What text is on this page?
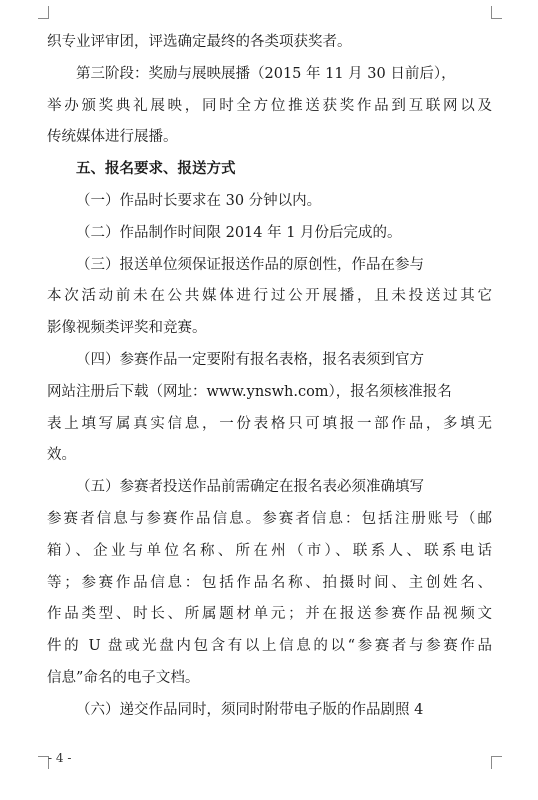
织专业评审团，评选确定最终的各类项获奖者。
第三阶段：奖励与展映展播（2015 年 11 月 30 日前后），
举办颁奖典礼展映，同时全方位推送获奖作品到互联网以及
传统媒体进行展播。
五、报名要求、报送方式
（一）作品时长要求在 30 分钟以内。
（二）作品制作时间限 2014 年 1 月份后完成的。
（三）报送单位须保证报送作品的原创性，作品在参与
本次活动前未在公共媒体进行过公开展播，且未投送过其它
影像视频类评奖和竞赛。
（四）参赛作品一定要附有报名表格，报名表须到官方
网站注册后下载（网址：www.ynswh.com），报名须核准报名
表上填写属真实信息，一份表格只可填报一部作品，多填无
效。
（五）参赛者投送作品前需确定在报名表必须准确填写
参赛者信息与参赛作品信息。参赛者信息：包括注册账号（邮
箱）、企业与单位名称、所在州（市）、联系人、联系电话
等；参赛作品信息：包括作品名称、拍摄时间、主创姓名、
作品类型、时长、所属题材单元；并在报送参赛作品视频文
件的 U 盘或光盘内包含有以上信息的以“参赛者与参赛作品
信息”命名的电子文档。
（六）递交作品同时，须同时附带电子版的作品剧照 4
- 4 -
